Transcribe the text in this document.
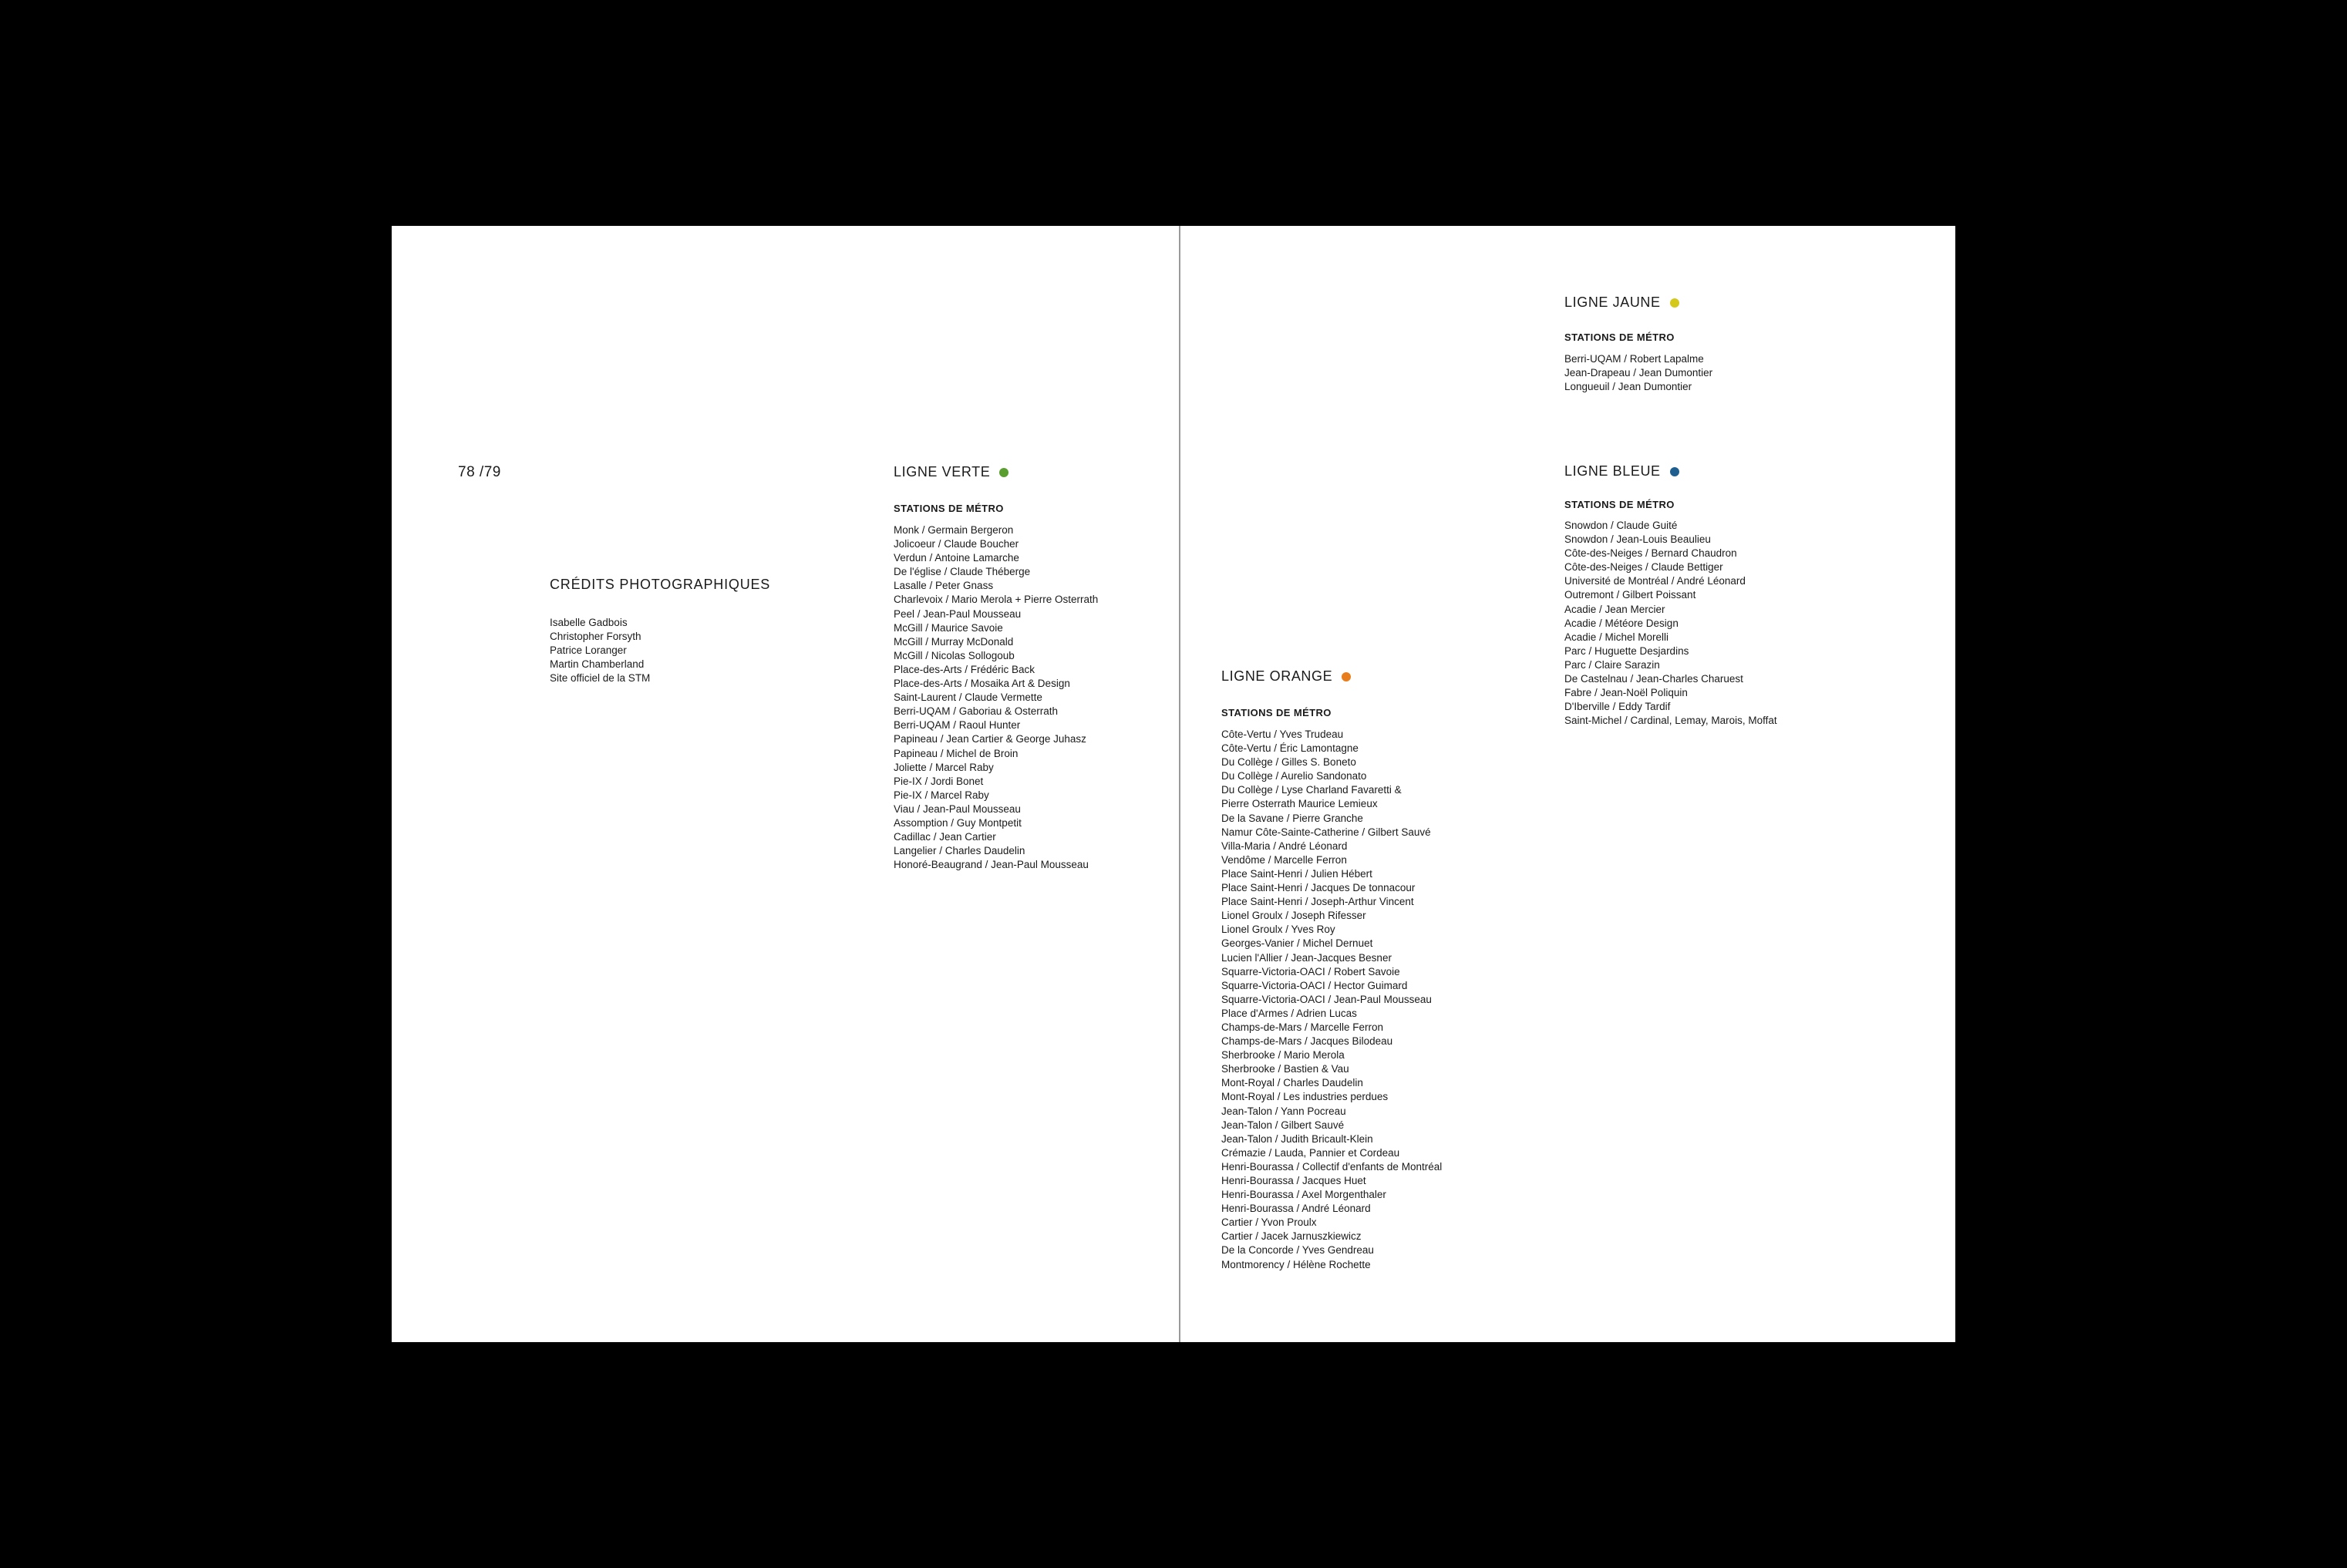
78 /79
CRÉDITS PHOTOGRAPHIQUES
Isabelle Gadbois
Christopher Forsyth
Patrice Loranger
Martin Chamberland
Site officiel de la STM
LIGNE VERTE
STATIONS DE MÉTRO
Monk / Germain Bergeron
Jolicoeur / Claude Boucher
Verdun / Antoine Lamarche
De l'église / Claude Théberge
Lasalle / Peter Gnass
Charlevoix / Mario Merola + Pierre Osterrath
Peel / Jean-Paul Mousseau
McGill / Maurice Savoie
McGill / Murray McDonald
McGill / Nicolas Sollogoub
Place-des-Arts / Frédéric Back
Place-des-Arts / Mosaika Art & Design
Saint-Laurent / Claude Vermette
Berri-UQAM / Gaboriau & Osterrath
Berri-UQAM / Raoul Hunter
Papineau / Jean Cartier & George Juhasz
Papineau / Michel de Broin
Joliette / Marcel Raby
Pie-IX / Jordi Bonet
Pie-IX / Marcel Raby
Viau / Jean-Paul Mousseau
Assomption / Guy Montpetit
Cadillac / Jean Cartier
Langelier / Charles Daudelin
Honoré-Beaugrand / Jean-Paul Mousseau
LIGNE JAUNE
STATIONS DE MÉTRO
Berri-UQAM / Robert Lapalme
Jean-Drapeau / Jean Dumontier
Longueuil / Jean Dumontier
LIGNE BLEUE
STATIONS DE MÉTRO
Snowdon / Claude Guité
Snowdon / Jean-Louis Beaulieu
Côte-des-Neiges / Bernard Chaudron
Côte-des-Neiges / Claude Bettiger
Université de Montréal / André Léonard
Outremont / Gilbert Poissant
Acadie / Jean Mercier
Acadie / Météore Design
Acadie / Michel Morelli
Parc / Huguette Desjardins
Parc / Claire Sarazin
De Castelnau / Jean-Charles Charuest
Fabre / Jean-Noël Poliquin
D'Iberville / Eddy Tardif
Saint-Michel / Cardinal, Lemay, Marois, Moffat
LIGNE ORANGE
STATIONS DE MÉTRO
Côte-Vertu / Yves Trudeau
Côte-Vertu / Éric Lamontagne
Du Collège / Gilles S. Boneto
Du Collège / Aurelio Sandonato
Du Collège / Lyse Charland Favaretti &
Pierre Osterrath Maurice Lemieux
De la Savane / Pierre Granche
Namur Côte-Sainte-Catherine / Gilbert Sauvé
Villa-Maria / André Léonard
Vendôme / Marcelle Ferron
Place Saint-Henri / Julien Hébert
Place Saint-Henri / Jacques De tonnacour
Place Saint-Henri / Joseph-Arthur Vincent
Lionel Groulx / Joseph Rifesser
Lionel Groulx / Yves Roy
Georges-Vanier / Michel Dernuet
Lucien l'Allier / Jean-Jacques Besner
Squarre-Victoria-OACI / Robert Savoie
Squarre-Victoria-OACI / Hector Guimard
Squarre-Victoria-OACI / Jean-Paul Mousseau
Place d'Armes / Adrien Lucas
Champs-de-Mars / Marcelle Ferron
Champs-de-Mars / Jacques Bilodeau
Sherbrooke / Mario Merola
Sherbrooke / Bastien & Vau
Mont-Royal / Charles Daudelin
Mont-Royal / Les industries perdues
Jean-Talon / Yann Pocreau
Jean-Talon / Gilbert Sauvé
Jean-Talon / Judith Bricault-Klein
Crémazie / Lauda, Pannier et Cordeau
Henri-Bourassa / Collectif d'enfants de Montréal
Henri-Bourassa / Jacques Huet
Henri-Bourassa / Axel Morgenthaler
Henri-Bourassa / André Léonard
Cartier / Yvon Proulx
Cartier / Jacek Jarnuszkiewicz
De la Concorde / Yves Gendreau
Montmorency / Hélène Rochette
